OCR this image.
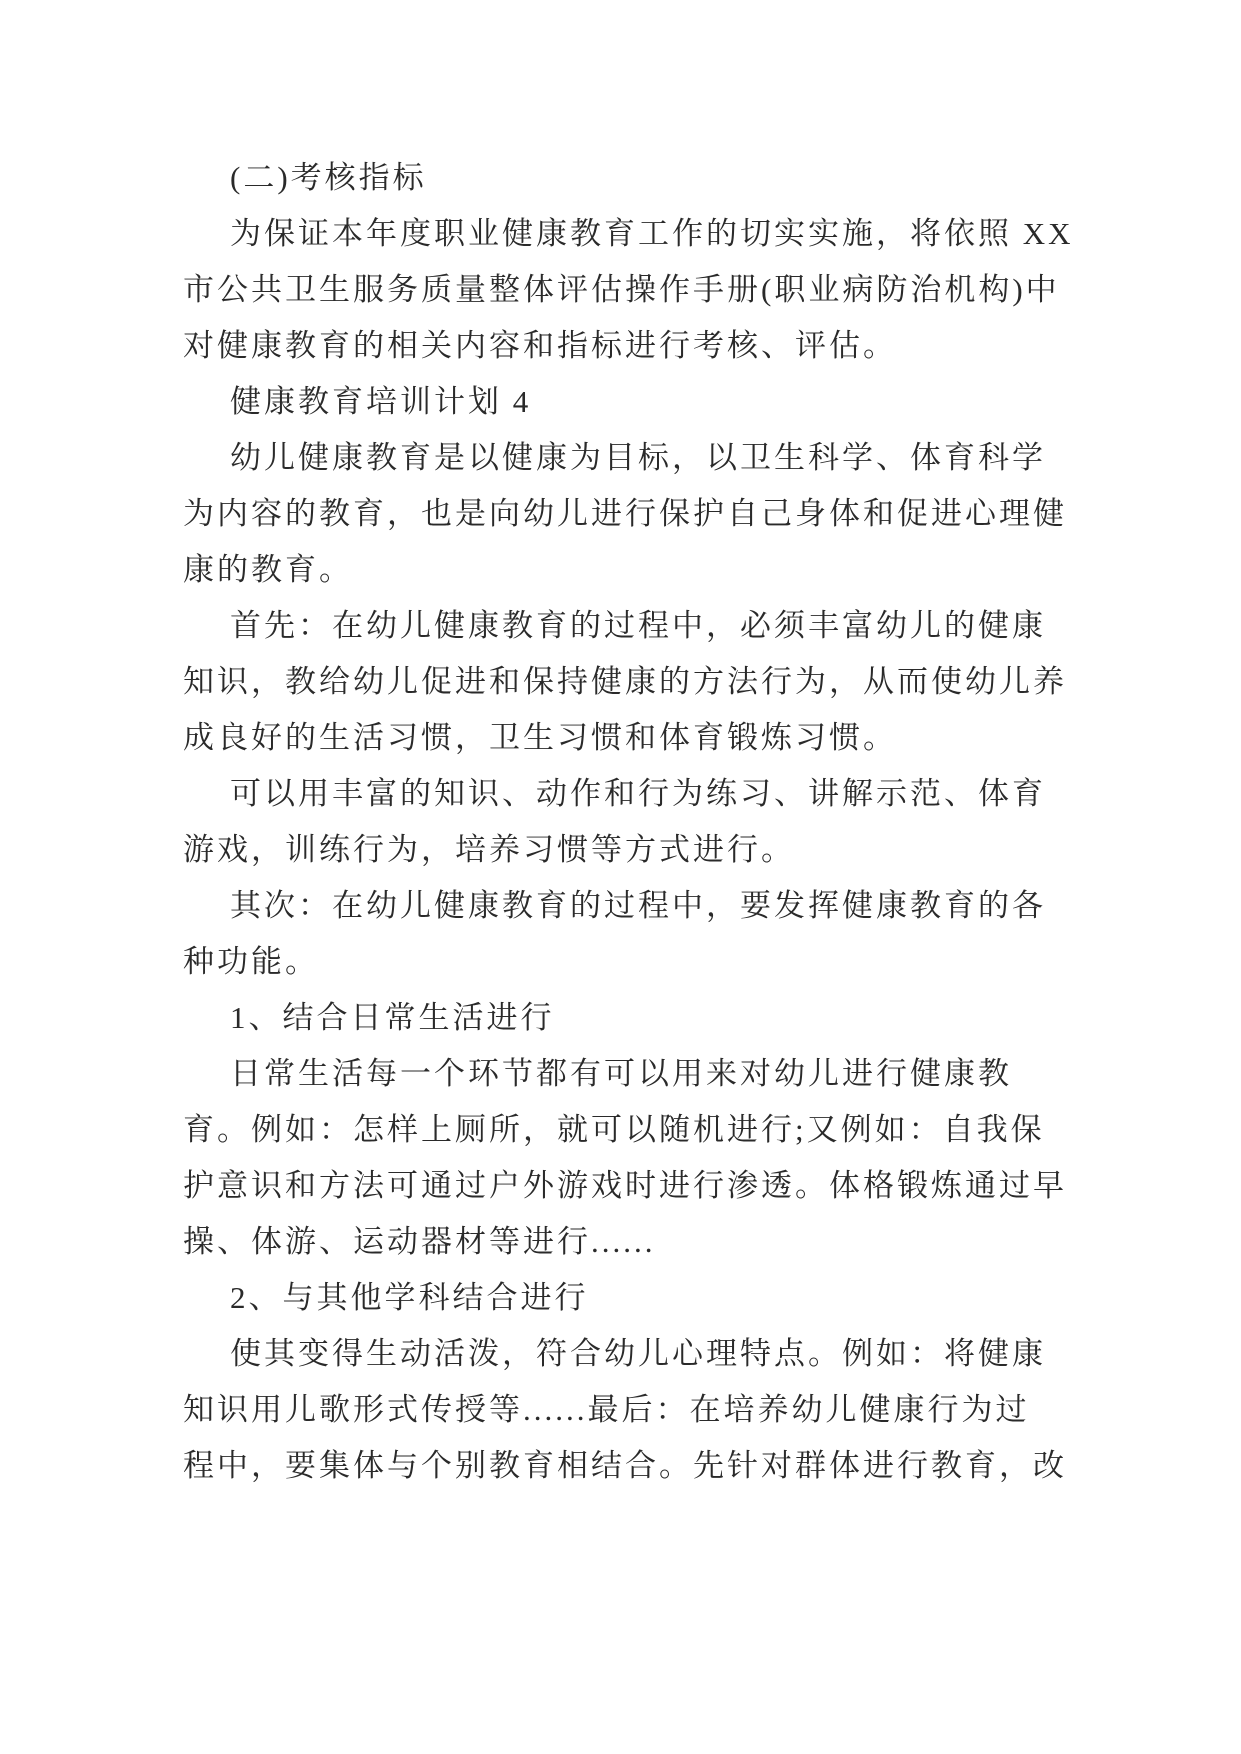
(二)考核指标
为保证本年度职业健康教育工作的切实实施，将依照 XX
市公共卫生服务质量整体评估操作手册(职业病防治机构)中
对健康教育的相关内容和指标进行考核、评估。
健康教育培训计划 4
幼儿健康教育是以健康为目标，以卫生科学、体育科学
为内容的教育，也是向幼儿进行保护自己身体和促进心理健
康的教育。
首先：在幼儿健康教育的过程中，必须丰富幼儿的健康
知识，教给幼儿促进和保持健康的方法行为，从而使幼儿养
成良好的生活习惯，卫生习惯和体育锻炼习惯。
可以用丰富的知识、动作和行为练习、讲解示范、体育
游戏，训练行为，培养习惯等方式进行。
其次：在幼儿健康教育的过程中，要发挥健康教育的各
种功能。
1、结合日常生活进行
日常生活每一个环节都有可以用来对幼儿进行健康教
育。例如：怎样上厕所，就可以随机进行;又例如：自我保
护意识和方法可通过户外游戏时进行渗透。体格锻炼通过早
操、体游、运动器材等进行......
2、与其他学科结合进行
使其变得生动活泼，符合幼儿心理特点。例如：将健康
知识用儿歌形式传授等......最后：在培养幼儿健康行为过
程中，要集体与个别教育相结合。先针对群体进行教育，改
